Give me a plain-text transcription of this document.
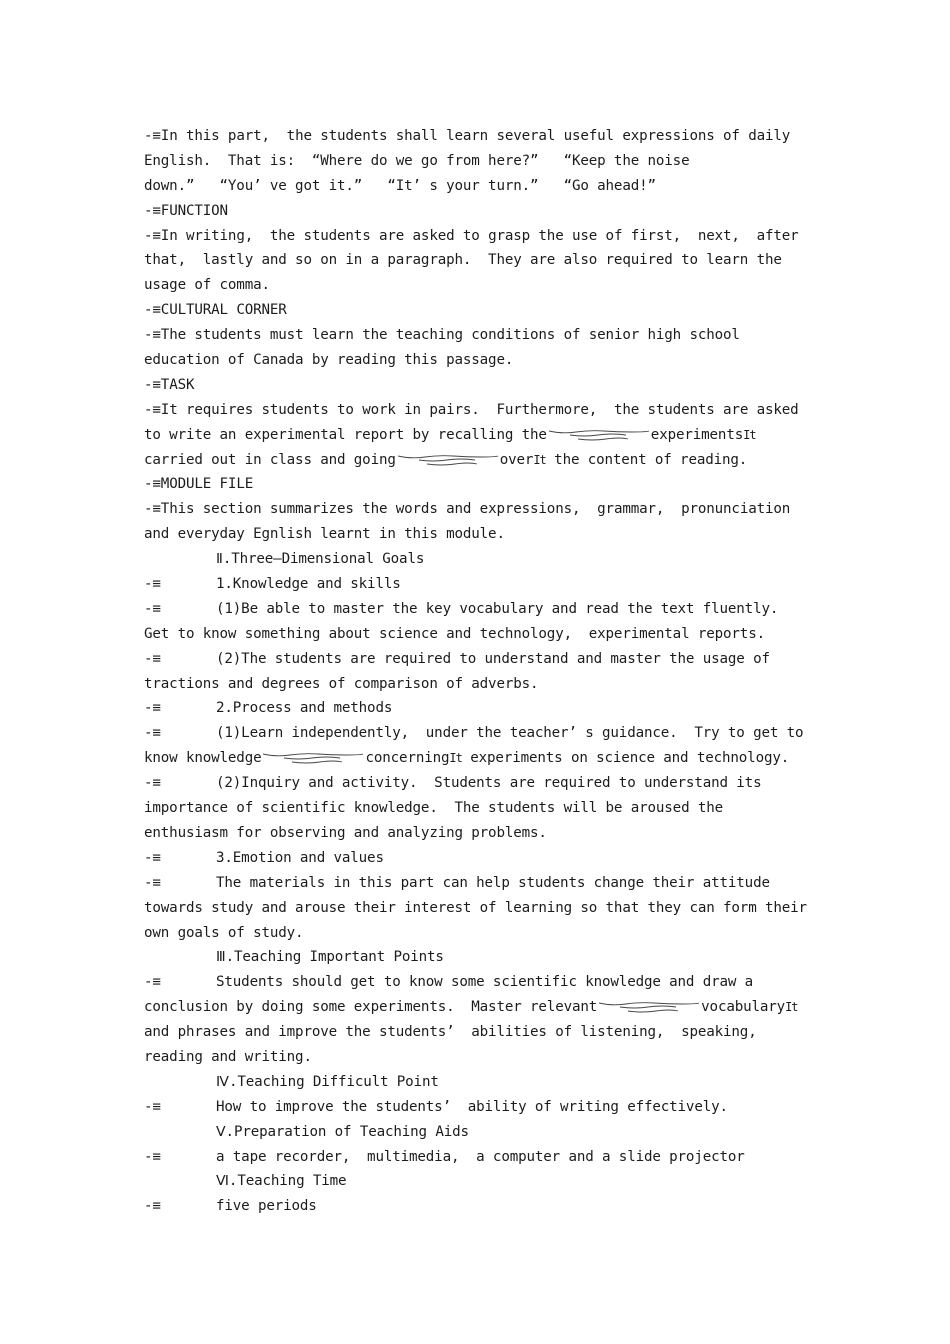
-≡In this part,  the students shall learn several useful expressions of daily
English.  That is:  “Where do we go from here?”   “Keep the noise
down.”   “You’ ve got it.”   “It’ s your turn.”   “Go ahead!”
-≡FUNCTION
-≡In writing,  the students are asked to grasp the use of first,  next,  after
that,  lastly and so on in a paragraph.  They are also required to learn the
usage of comma.
-≡CULTURAL CORNER
-≡The students must learn the teaching conditions of senior high school
education of Canada by reading this passage.
-≡TASK
-≡It requires students to work in pairs.  Furthermore,  the students are asked
to write an experimental report by recalling the	experimentsIt
carried out in class and going	overIt the content of reading.
-≡MODULE FILE
-≡This section summarizes the words and expressions,  grammar,  pronunciation
and everyday Egnlish learnt in this module.
Ⅱ.Three—Dimensional Goals
-≡	1.Knowledge and skills
-≡	(1)Be able to master the key vocabulary and read the text fluently.
Get to know something about science and technology,  experimental reports.
-≡	(2)The students are required to understand and master the usage of
tractions and degrees of comparison of adverbs.
-≡	2.Process and methods
-≡	(1)Learn independently,  under the teacher’ s guidance.  Try to get to
know knowledge	concerningIt experiments on science and technology.
-≡	(2)Inquiry and activity.  Students are required to understand its
importance of scientific knowledge.  The students will be aroused the
enthusiasm for observing and analyzing problems.
-≡	3.Emotion and values
-≡	The materials in this part can help students change their attitude
towards study and arouse their interest of learning so that they can form their
own goals of study.
Ⅲ.Teaching Important Points
-≡	Students should get to know some scientific knowledge and draw a
conclusion by doing some experiments.  Master relevant	vocabularyIt
and phrases and improve the students’  abilities of listening,  speaking,
reading and writing.
Ⅳ.Teaching Difficult Point
-≡	How to improve the students’  ability of writing effectively.
Ⅴ.Preparation of Teaching Aids
-≡	a tape recorder,  multimedia,  a computer and a slide projector
Ⅵ.Teaching Time
-≡	five periods
